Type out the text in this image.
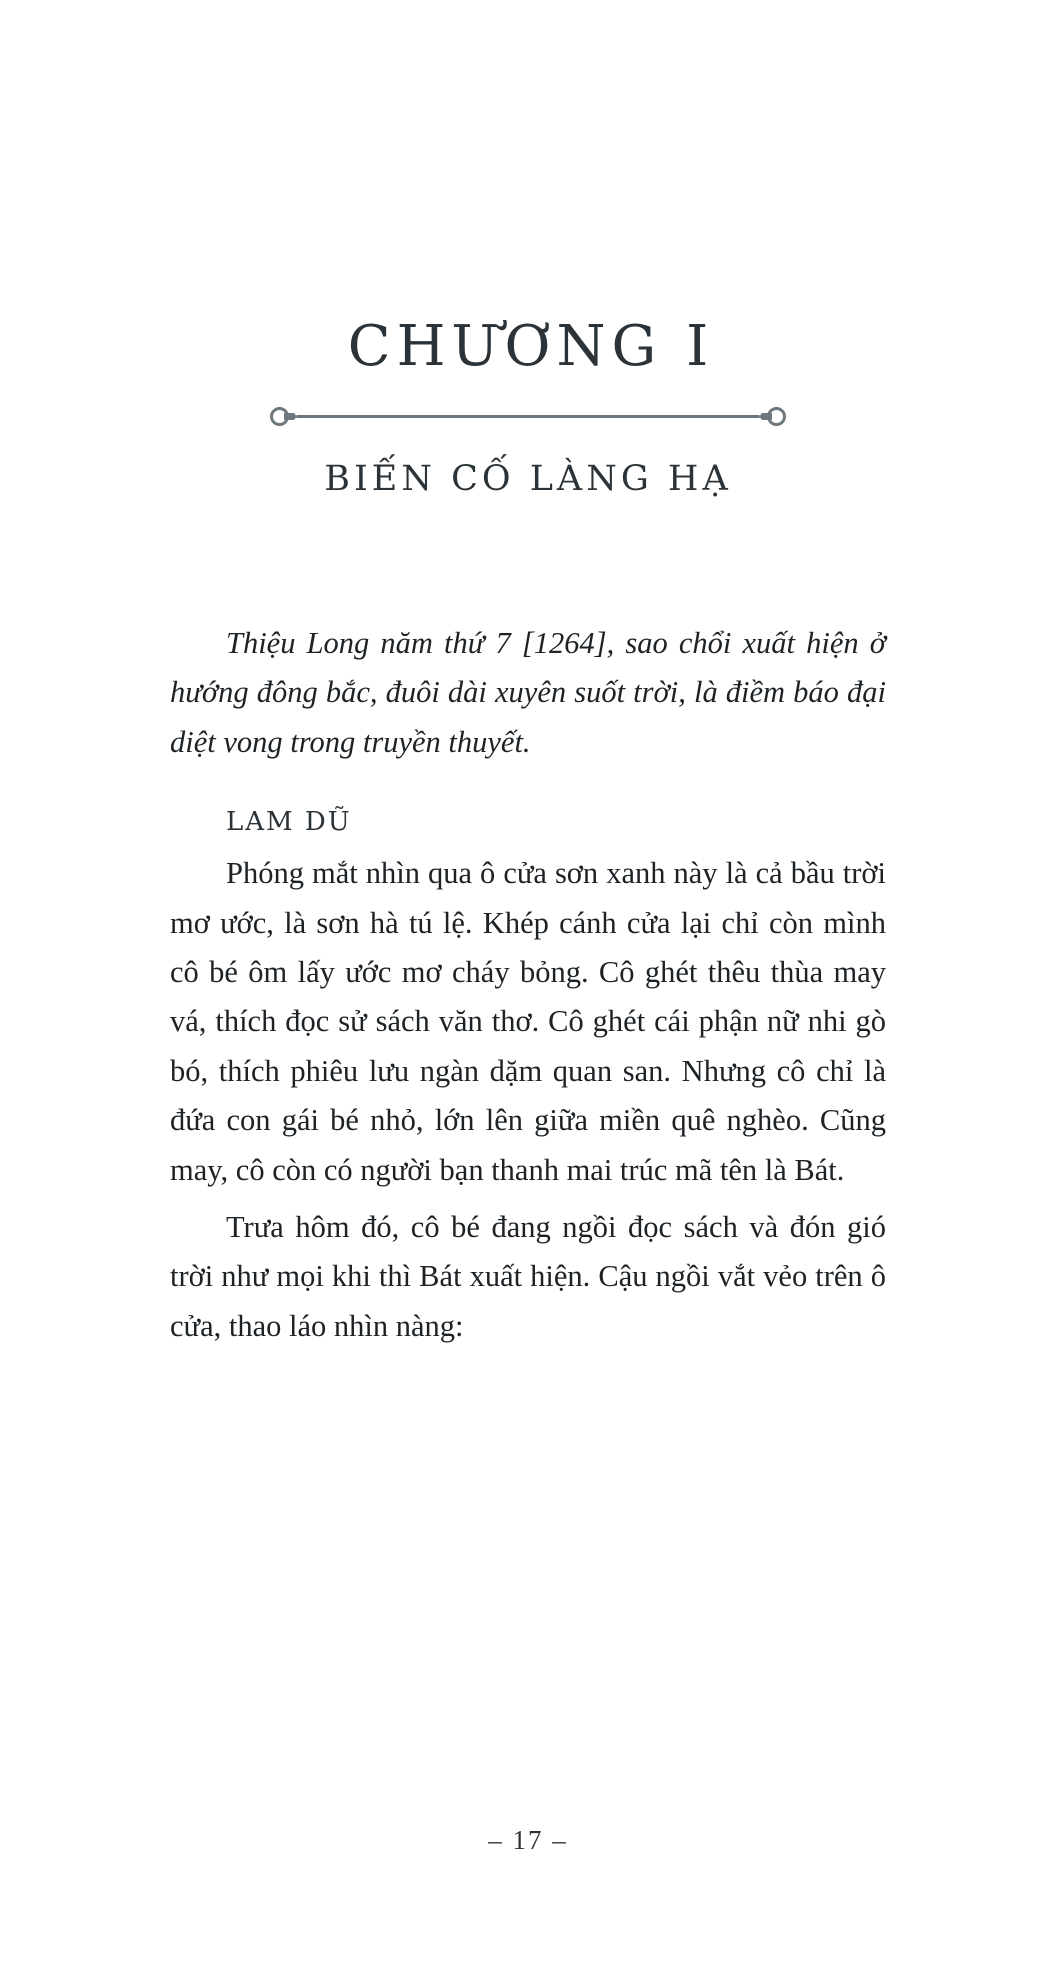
CHƯƠNG I
BIẾN CỐ LÀNG HẠ

Thiệu Long năm thứ 7 [1264], sao chổi xuất hiện ở hướng đông bắc, đuôi dài xuyên suốt trời, là điềm báo đại diệt vong trong truyền thuyết.

LAM DŨ

Phóng mắt nhìn qua ô cửa sơn xanh này là cả bầu trời mơ ước, là sơn hà tú lệ. Khép cánh cửa lại chỉ còn mình cô bé ôm lấy ước mơ cháy bỏng. Cô ghét thêu thùa may vá, thích đọc sử sách văn thơ. Cô ghét cái phận nữ nhi gò bó, thích phiêu lưu ngàn dặm quan san. Nhưng cô chỉ là đứa con gái bé nhỏ, lớn lên giữa miền quê nghèo. Cũng may, cô còn có người bạn thanh mai trúc mã tên là Bát.

Trưa hôm đó, cô bé đang ngồi đọc sách và đón gió trời như mọi khi thì Bát xuất hiện. Cậu ngồi vắt vẻo trên ô cửa, thao láo nhìn nàng:

– 17 –
